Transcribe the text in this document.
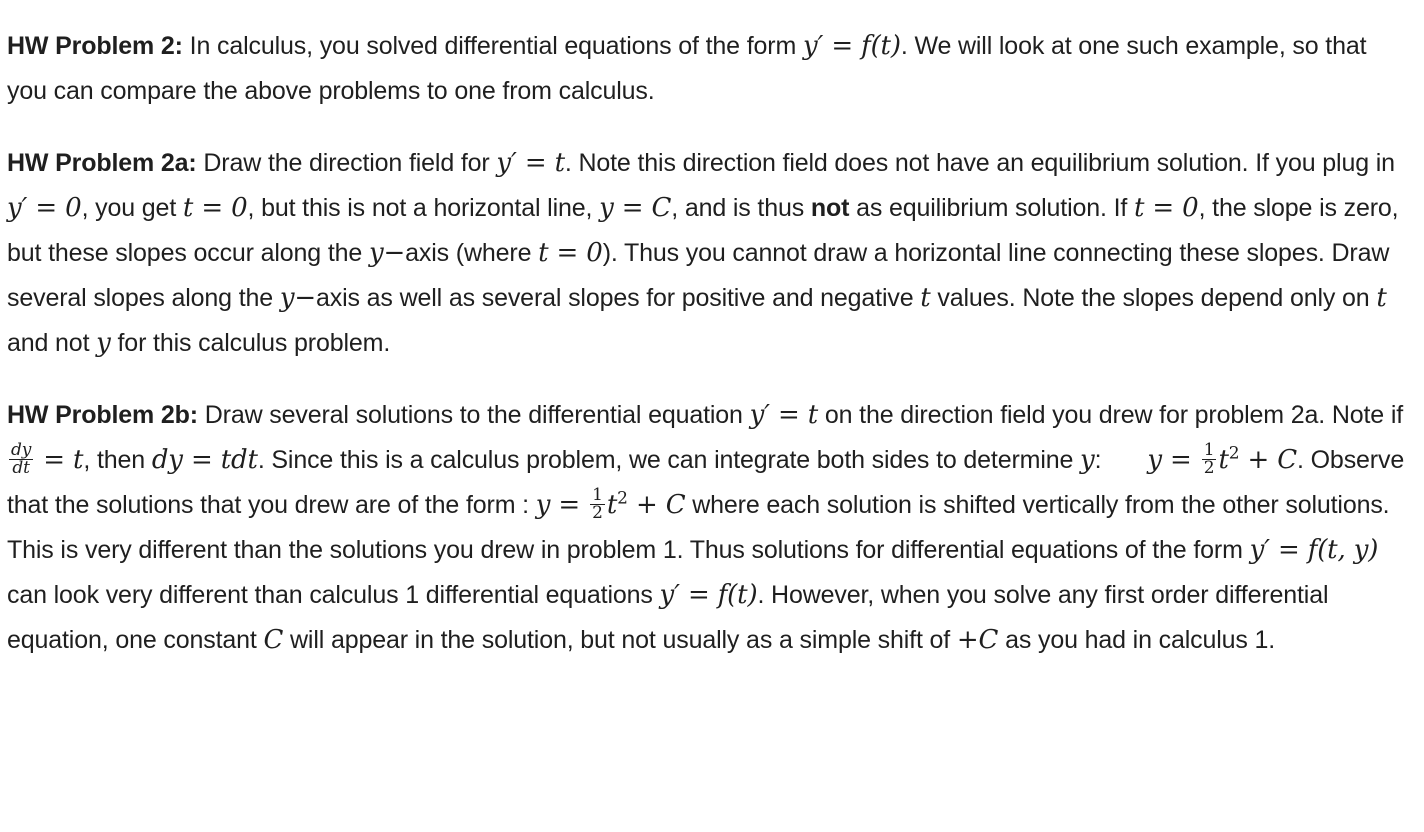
HW Problem 2: In calculus, you solved differential equations of the form y′ = f(t). We will look at one such example, so that you can compare the above problems to one from calculus.

HW Problem 2a: Draw the direction field for y′ = t. Note this direction field does not have an equilibrium solution. If you plug in y′ = 0, you get t = 0, but this is not a horizontal line, y = C, and is thus not as equilibrium solution. If t = 0, the slope is zero, but these slopes occur along the y−axis (where t = 0). Thus you cannot draw a horizontal line connecting these slopes. Draw several slopes along the y−axis as well as several slopes for positive and negative t values. Note the slopes depend only on t and not y for this calculus problem.

HW Problem 2b: Draw several solutions to the differential equation y′ = t on the direction field you drew for problem 2a. Note if
$\frac{dy}{dt} = t$, then dy = tdt. Since this is a calculus problem, we can integrate both sides to determine y: $y = \frac{1}{2} t^2 + C$. Observe that the solutions that you drew are of the form : $y = \frac{1}{2} t^2 + C$ where each solution is shifted vertically from the other solutions. This is very different than the solutions you drew in problem 1. Thus solutions for differential equations of the form y′ = f(t, y) can look very different than calculus 1 differential equations y′ = f(t). However, when you solve any first order differential equation, one constant C will appear in the solution, but not usually as a simple shift of +C as you had in calculus 1.
